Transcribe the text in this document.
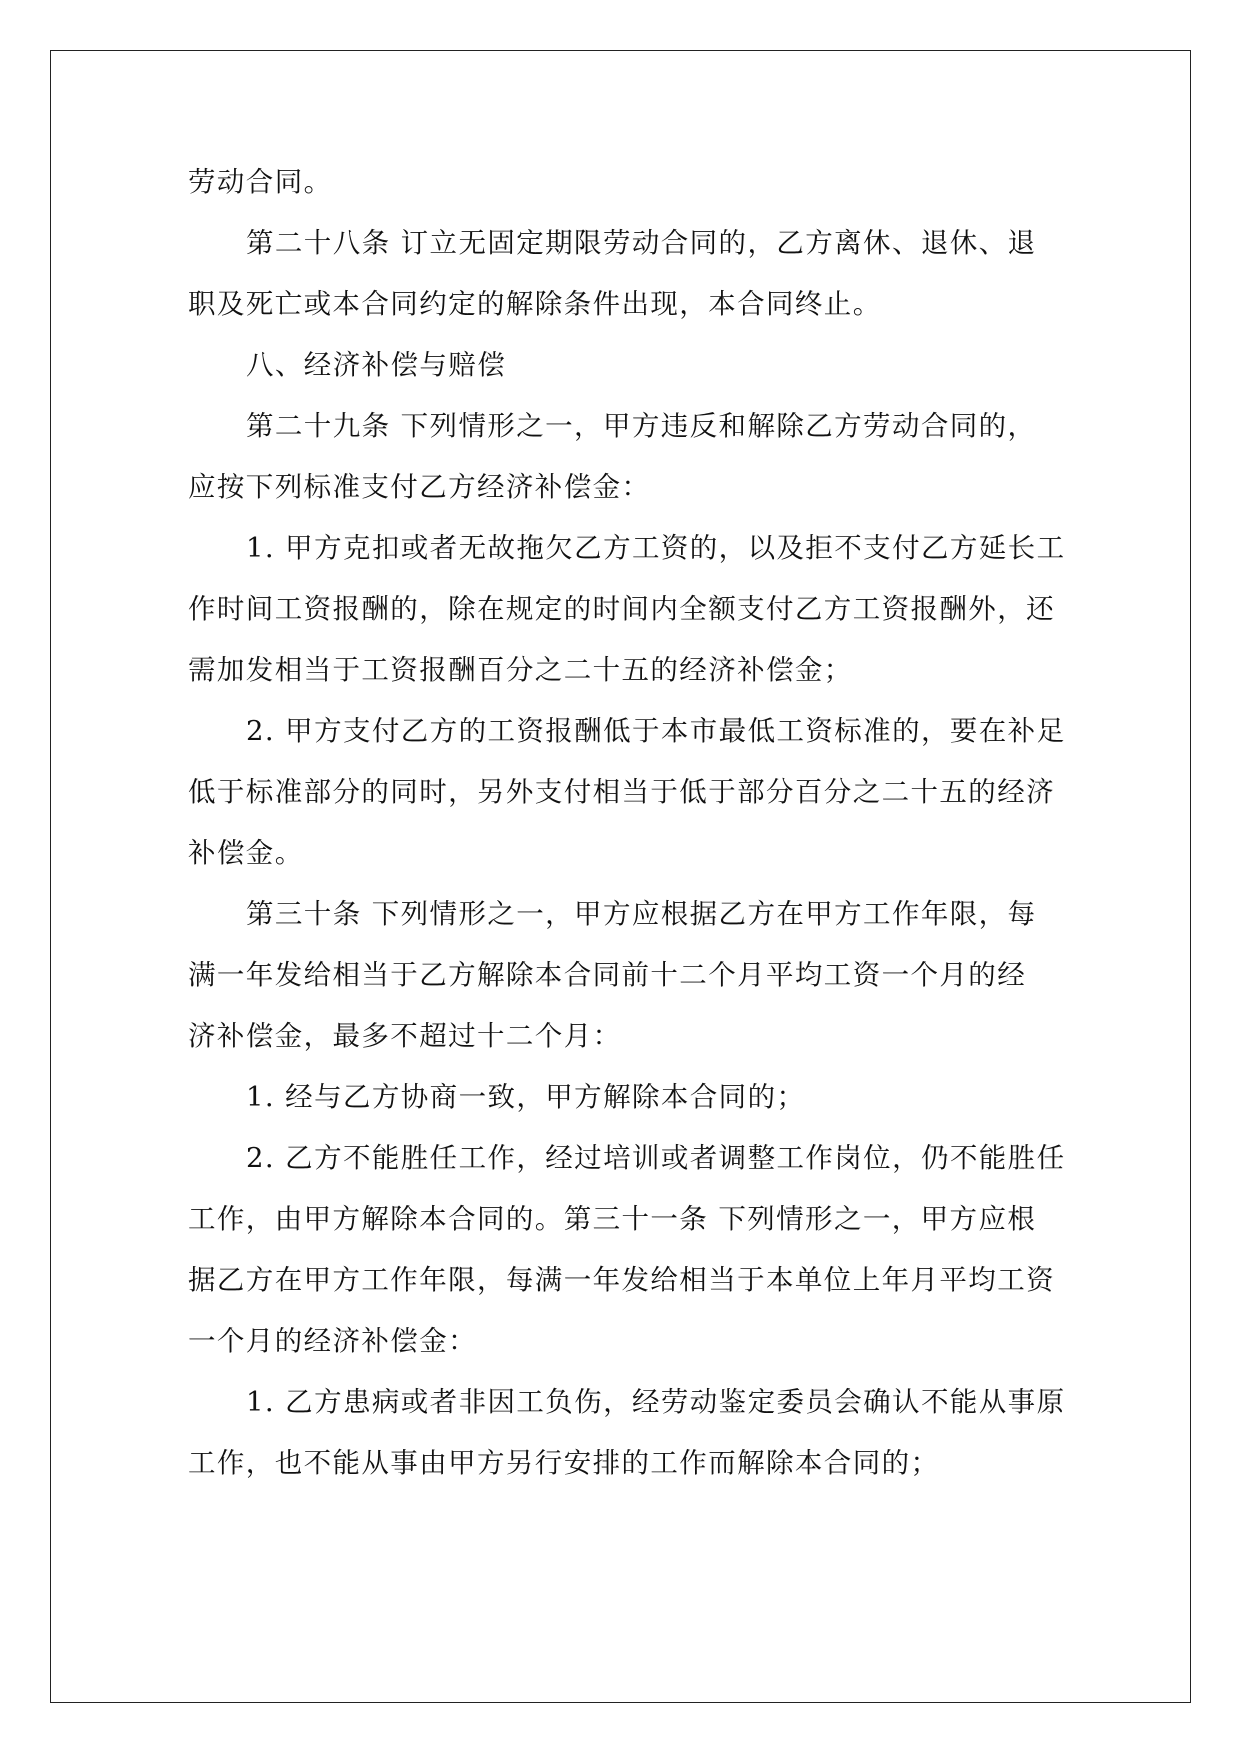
劳动合同。
第二十八条 订立无固定期限劳动合同的，乙方离休、退休、退
职及死亡或本合同约定的解除条件出现，本合同终止。
八、经济补偿与赔偿
第二十九条 下列情形之一，甲方违反和解除乙方劳动合同的，
应按下列标准支付乙方经济补偿金：
1. 甲方克扣或者无故拖欠乙方工资的，以及拒不支付乙方延长工
作时间工资报酬的，除在规定的时间内全额支付乙方工资报酬外，还
需加发相当于工资报酬百分之二十五的经济补偿金；
2. 甲方支付乙方的工资报酬低于本市最低工资标准的，要在补足
低于标准部分的同时，另外支付相当于低于部分百分之二十五的经济
补偿金。
第三十条 下列情形之一，甲方应根据乙方在甲方工作年限，每
满一年发给相当于乙方解除本合同前十二个月平均工资一个月的经
济补偿金，最多不超过十二个月：
1. 经与乙方协商一致，甲方解除本合同的；
2. 乙方不能胜任工作，经过培训或者调整工作岗位，仍不能胜任
工作，由甲方解除本合同的。第三十一条 下列情形之一，甲方应根
据乙方在甲方工作年限，每满一年发给相当于本单位上年月平均工资
一个月的经济补偿金：
1. 乙方患病或者非因工负伤，经劳动鉴定委员会确认不能从事原
工作，也不能从事由甲方另行安排的工作而解除本合同的；
